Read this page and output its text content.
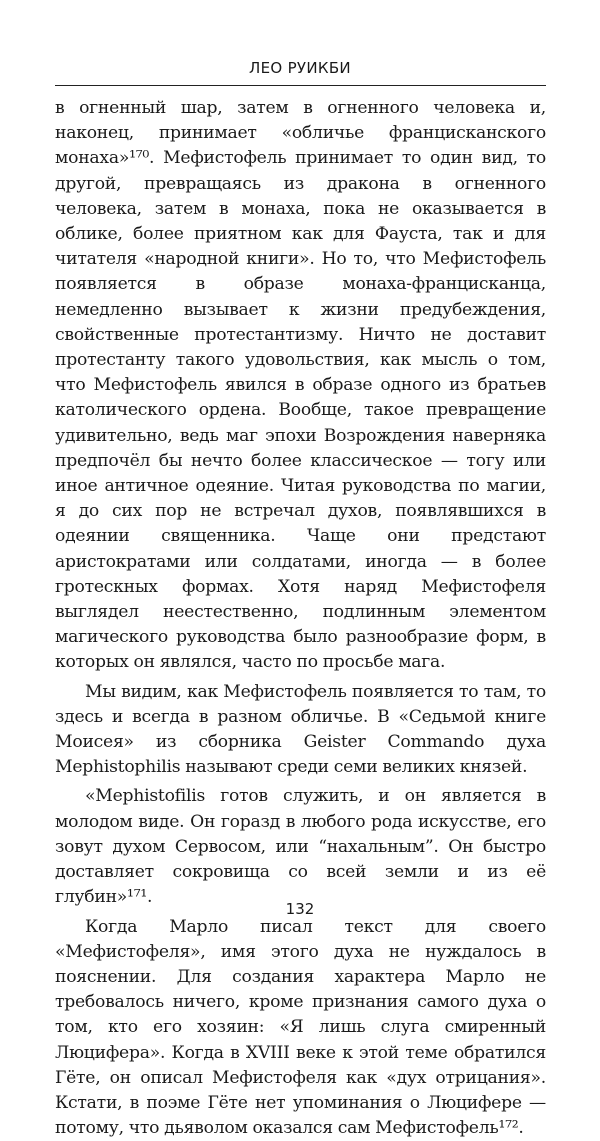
ЛЕО РУИКБИ

в огненный шар, затем в огненного человека и, наконец, принимает «обличье францисканского монаха»¹⁷⁰. Мефистофель принимает то один вид, то другой, превращаясь из дракона в огненного человека, затем в монаха, пока не оказывается в облике, более приятном как для Фауста, так и для читателя «народной книги». Но то, что Мефистофель появляется в образе монаха-францисканца, немедленно вызывает к жизни предубеждения, свойственные протестантизму. Ничто не доставит протестанту такого удовольствия, как мысль о том, что Мефистофель явился в образе одного из братьев католического ордена. Вообще, такое превращение удивительно, ведь маг эпохи Возрождения наверняка предпочёл бы нечто более классическое — тогу или иное античное одеяние. Читая руководства по магии, я до сих пор не встречал духов, появлявшихся в одеянии священника. Чаще они предстают аристократами или солдатами, иногда — в более гротескных формах. Хотя наряд Мефистофеля выглядел неестественно, подлинным элементом магического руководства было разнообразие форм, в которых он являлся, часто по просьбе мага.

Мы видим, как Мефистофель появляется то там, то здесь и всегда в разном обличье. В «Седьмой книге Моисея» из сборника Geister Commando духа Mephistophilis называют среди семи великих князей.

«Mephistofilis готов служить, и он является в молодом виде. Он горазд в любого рода искусстве, его зовут духом Сервосом, или “нахальным”. Он быстро доставляет сокровища со всей земли и из её глубин»¹⁷¹.

Когда Марло писал текст для своего «Мефистофеля», имя этого духа не нуждалось в пояснении. Для создания характера Марло не требовалось ничего, кроме признания самого духа о том, кто его хозяин: «Я лишь слуга смиренный Люцифера». Когда в XVIII веке к этой теме обратился Гёте, он описал Мефистофеля как «дух отрицания». Кстати, в поэме Гёте нет упоминания о Люцифере — потому, что дьяволом оказался сам Мефистофель¹⁷².

132
